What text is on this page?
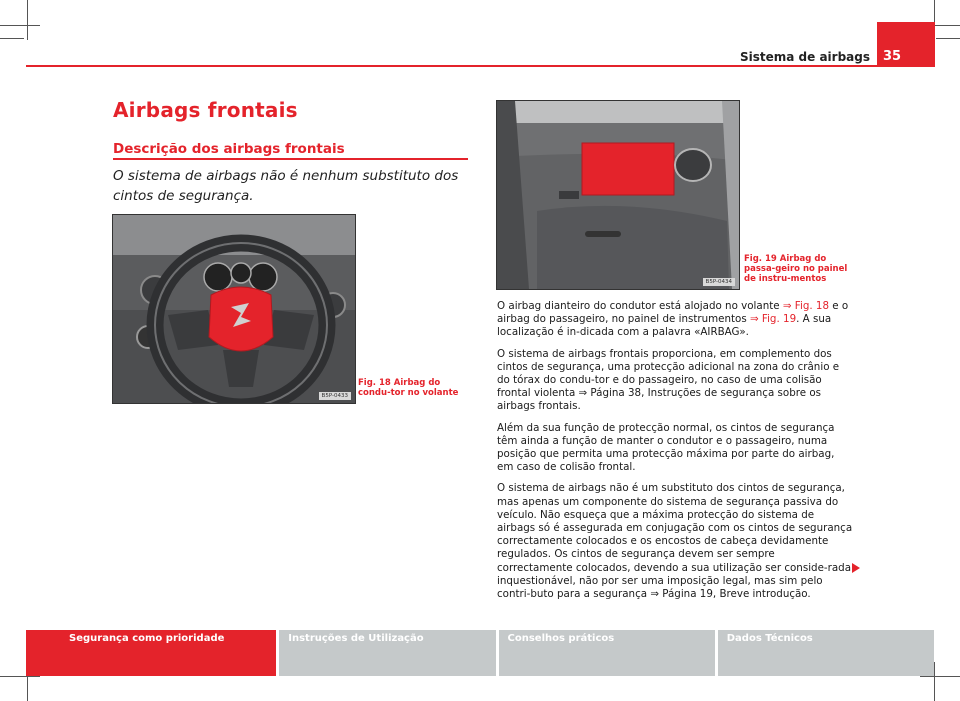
Sistema de airbags 35
Airbags frontais
Descrição dos airbags frontais
O sistema de airbags não é nenhum substituto dos cintos de segurança.
B5P-0433
Fig. 18 Airbag do condu-tor no volante
B5P-0434
Fig. 19 Airbag do passa-geiro no painel de instru-mentos

O airbag dianteiro do condutor está alojado no volante ⇒ Fig. 18 e o airbag do passageiro, no painel de instrumentos ⇒ Fig. 19. A sua localização é in-dicada com a palavra «AIRBAG».

O sistema de airbags frontais proporciona, em complemento dos cintos de segurança, uma protecção adicional na zona do crânio e do tórax do condu-tor e do passageiro, no caso de uma colisão frontal violenta ⇒ Página 38, Instruções de segurança sobre os airbags frontais.

Além da sua função de protecção normal, os cintos de segurança têm ainda a função de manter o condutor e o passageiro, numa posição que permita uma protecção máxima por parte do airbag, em caso de colisão frontal.

O sistema de airbags não é um substituto dos cintos de segurança, mas apenas um componente do sistema de segurança passiva do veículo. Não esqueça que a máxima protecção do sistema de airbags só é assegurada em conjugação com os cintos de segurança correctamente colocados e os encostos de cabeça devidamente regulados. Os cintos de segurança devem ser sempre correctamente colocados, devendo a sua utilização ser conside-rada inquestionável, não por ser uma imposição legal, mas sim pelo contri-buto para a segurança ⇒ Página 19, Breve introdução.

Segurança como prioridade	Instruções de Utilização	Conselhos práticos	Dados Técnicos
